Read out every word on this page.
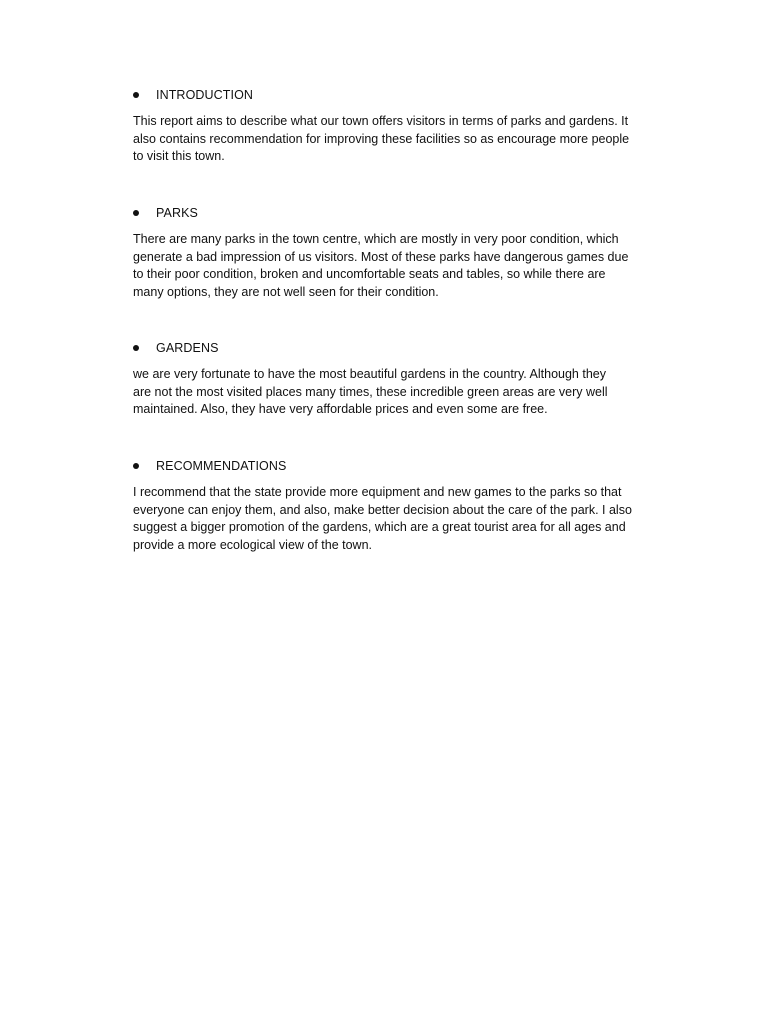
INTRODUCTION
This report aims to describe what our town offers visitors in terms of parks and gardens. It
also contains recommendation for improving these facilities so as encourage more people
to visit this town.
PARKS
There are many parks in the town centre, which are mostly in very poor condition, which
generate a bad impression of us visitors. Most of these parks have dangerous games due
to their poor condition, broken and uncomfortable seats and tables, so while there are
many options, they are not well seen for their condition.
GARDENS
we are very fortunate to have the most beautiful gardens in the country. Although they
are not the most visited places many times, these incredible green areas are very well
maintained. Also, they have very affordable prices and even some are free.
RECOMMENDATIONS
I recommend that the state provide more equipment and new games to the parks so that
everyone can enjoy them, and also, make better decision about the care of the park. I also
suggest a bigger promotion of the gardens, which are a great tourist area for all ages and
provide a more ecological view of the town.
